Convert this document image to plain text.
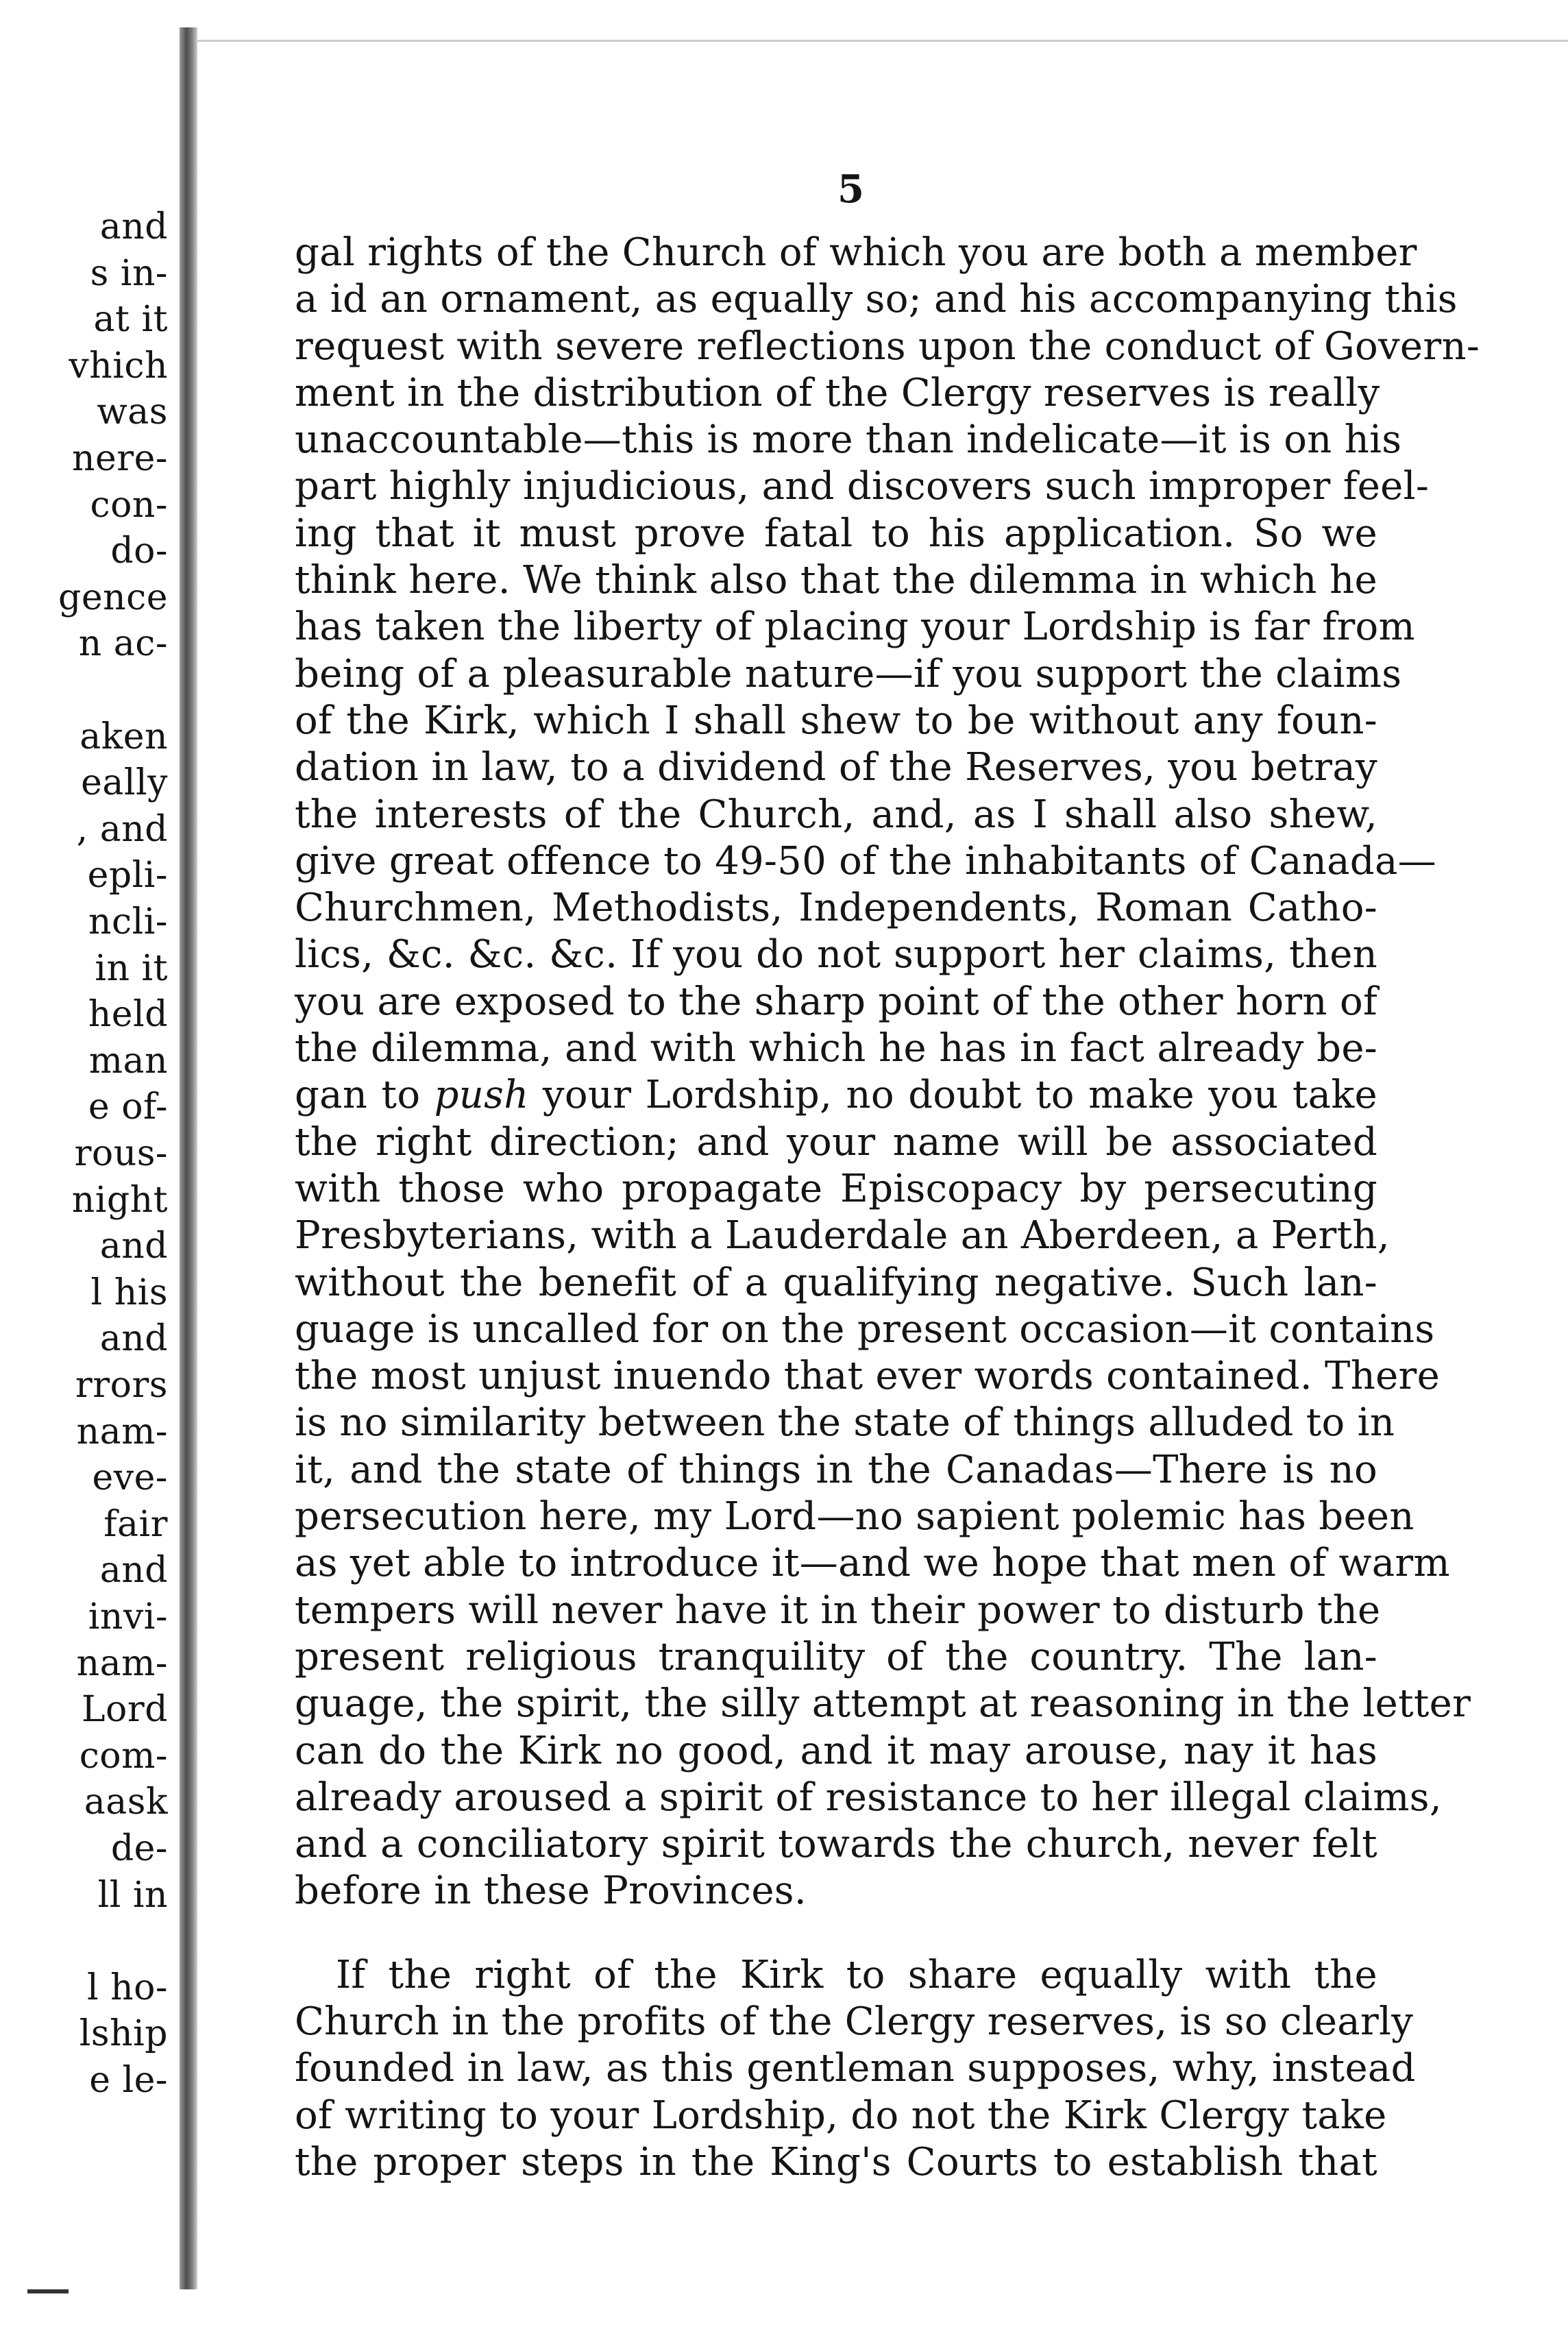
and
s in-
at it
vhich
was
nere-
con-
do-
gence
n ac-
aken
eally
, and
epli-
ncli-
in it
held
man
e of-
rous-
night
and
l his
and
rrors
nam-
eve-
fair
and
invi-
nam-
Lord
com-
aask
de-
ll in
l ho-
lship
e le-
5
gal rights of the Church of which you are both a member
a id an ornament, as equally so; and his accompanying this
request with severe reflections upon the conduct of Govern-
ment in the distribution of the Clergy reserves is really
unaccountable—this is more than indelicate—it is on his
part highly injudicious, and discovers such improper feel-
ing that it must prove fatal to his application. So we
think here. We think also that the dilemma in which he
has taken the liberty of placing your Lordship is far from
being of a pleasurable nature—if you support the claims
of the Kirk, which I shall shew to be without any foun-
dation in law, to a dividend of the Reserves, you betray
the interests of the Church, and, as I shall also shew,
give great offence to 49-50 of the inhabitants of Canada—
Churchmen, Methodists, Independents, Roman Catho-
lics, &c. &c. &c. If you do not support her claims, then
you are exposed to the sharp point of the other horn of
the dilemma, and with which he has in fact already be-
gan to push your Lordship, no doubt to make you take
the right direction; and your name will be associated
with those who propagate Episcopacy by persecuting
Presbyterians, with a Lauderdale an Aberdeen, a Perth,
without the benefit of a qualifying negative. Such lan-
guage is uncalled for on the present occasion—it contains
the most unjust inuendo that ever words contained. There
is no similarity between the state of things alluded to in
it, and the state of things in the Canadas—There is no
persecution here, my Lord—no sapient polemic has been
as yet able to introduce it—and we hope that men of warm
tempers will never have it in their power to disturb the
present religious tranquility of the country. The lan-
guage, the spirit, the silly attempt at reasoning in the letter
can do the Kirk no good, and it may arouse, nay it has
already aroused a spirit of resistance to her illegal claims,
and a conciliatory spirit towards the church, never felt
before in these Provinces.
If the right of the Kirk to share equally with the
Church in the profits of the Clergy reserves, is so clearly
founded in law, as this gentleman supposes, why, instead
of writing to your Lordship, do not the Kirk Clergy take
the proper steps in the King's Courts to establish that
